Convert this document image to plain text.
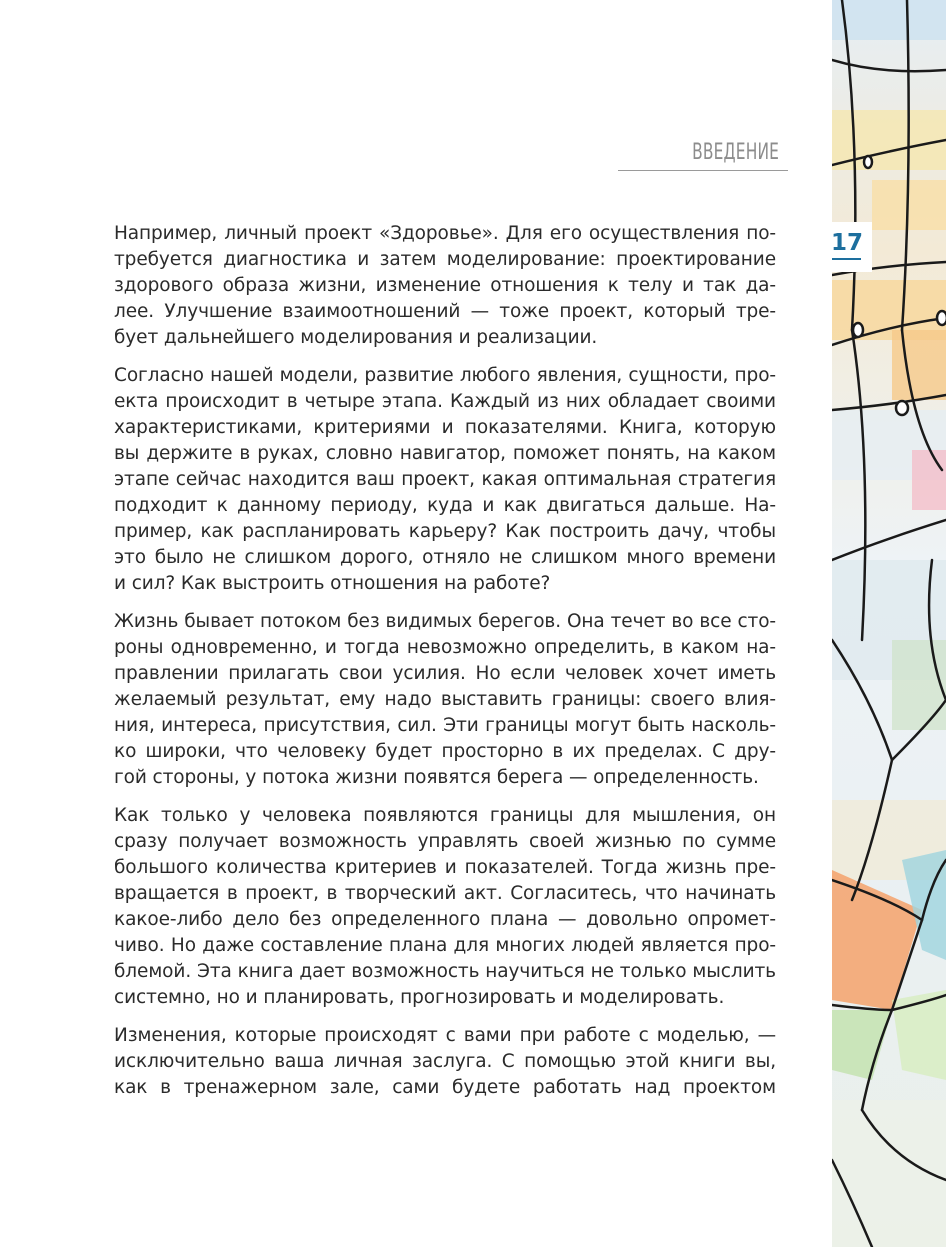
ВВЕДЕНИЕ
Например, личный проект «Здоровье». Для его осуществления по-
требуется диагностика и затем моделирование: проектирование
здорового образа жизни, изменение отношения к телу и так да-
лее. Улучшение взаимоотношений — тоже проект, который тре-
бует дальнейшего моделирования и реализации.
Согласно нашей модели, развитие любого явления, сущности, про-
екта происходит в четыре этапа. Каждый из них обладает своими
характеристиками, критериями и показателями. Книга, которую
вы держите в руках, словно навигатор, поможет понять, на каком
этапе сейчас находится ваш проект, какая оптимальная стратегия
подходит к данному периоду, куда и как двигаться дальше. На-
пример, как распланировать карьеру? Как построить дачу, чтобы
это было не слишком дорого, отняло не слишком много времени
и сил? Как выстроить отношения на работе?
Жизнь бывает потоком без видимых берегов. Она течет во все сто-
роны одновременно, и тогда невозможно определить, в каком на-
правлении прилагать свои усилия. Но если человек хочет иметь
желаемый результат, ему надо выставить границы: своего влия-
ния, интереса, присутствия, сил. Эти границы могут быть насколь-
ко широки, что человеку будет просторно в их пределах. С дру-
гой стороны, у потока жизни появятся берега — определенность.
Как только у человека появляются границы для мышления, он
сразу получает возможность управлять своей жизнью по сумме
большого количества критериев и показателей. Тогда жизнь пре-
вращается в проект, в творческий акт. Согласитесь, что начинать
какое-либо дело без определенного плана — довольно опромет-
чиво. Но даже составление плана для многих людей является про-
блемой. Эта книга дает возможность научиться не только мыслить
системно, но и планировать, прогнозировать и моделировать.
Изменения, которые происходят с вами при работе с моделью, —
исключительно ваша личная заслуга. С помощью этой книги вы,
как в тренажерном зале, сами будете работать над проектом
17
